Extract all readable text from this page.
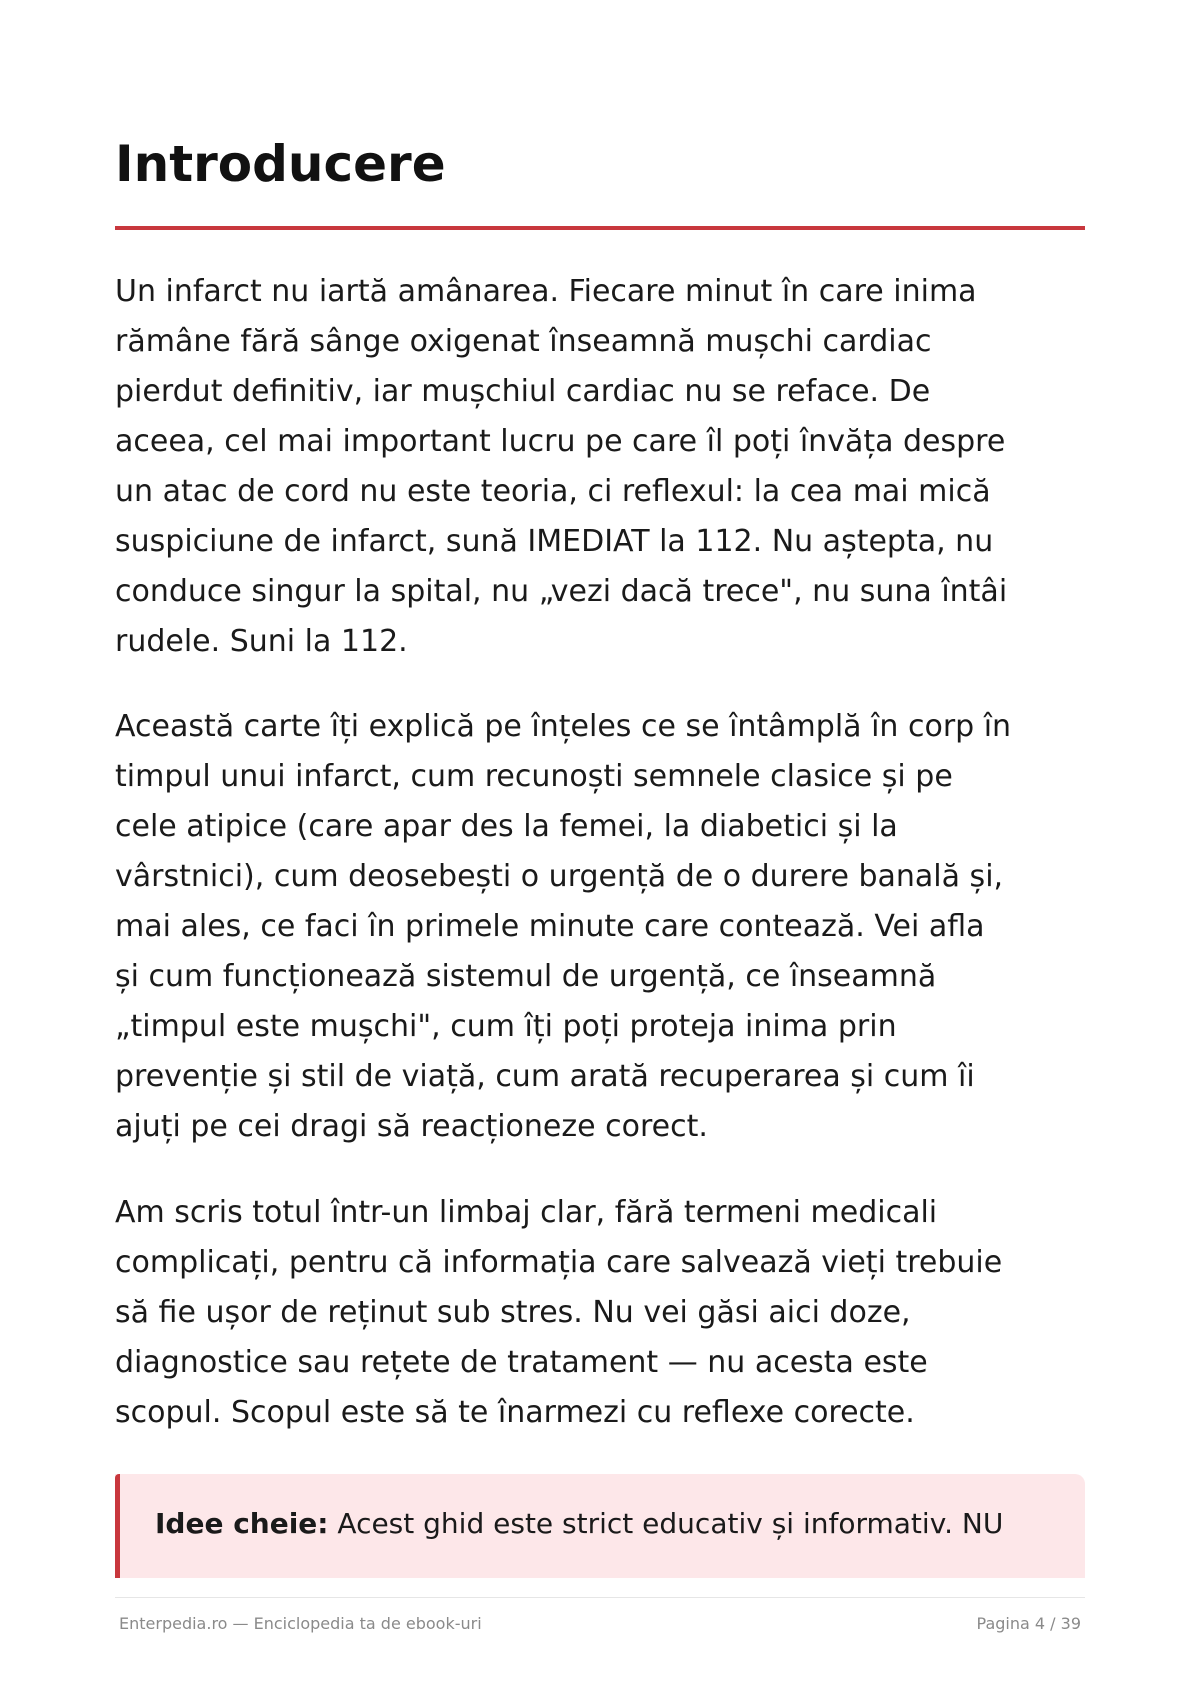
Introducere

Un infarct nu iartă amânarea. Fiecare minut în care inima
rămâne fără sânge oxigenat înseamnă mușchi cardiac
pierdut definitiv, iar mușchiul cardiac nu se reface. De
aceea, cel mai important lucru pe care îl poți învăța despre
un atac de cord nu este teoria, ci reflexul: la cea mai mică
suspiciune de infarct, sună IMEDIAT la 112. Nu aștepta, nu
conduce singur la spital, nu „vezi dacă trece", nu suna întâi
rudele. Suni la 112.

Această carte îți explică pe înțeles ce se întâmplă în corp în
timpul unui infarct, cum recunoști semnele clasice și pe
cele atipice (care apar des la femei, la diabetici și la
vârstnici), cum deosebești o urgență de o durere banală și,
mai ales, ce faci în primele minute care contează. Vei afla
și cum funcționează sistemul de urgență, ce înseamnă
„timpul este mușchi", cum îți poți proteja inima prin
prevenție și stil de viață, cum arată recuperarea și cum îi
ajuți pe cei dragi să reacționeze corect.

Am scris totul într-un limbaj clar, fără termeni medicali
complicați, pentru că informația care salvează vieți trebuie
să fie ușor de reținut sub stres. Nu vei găsi aici doze,
diagnostice sau rețete de tratament — nu acesta este
scopul. Scopul este să te înarmezi cu reflexe corecte.

Idee cheie: Acest ghid este strict educativ și informativ. NU
Enterpedia.ro — Enciclopedia ta de ebook-uri	Pagina 4 / 39
